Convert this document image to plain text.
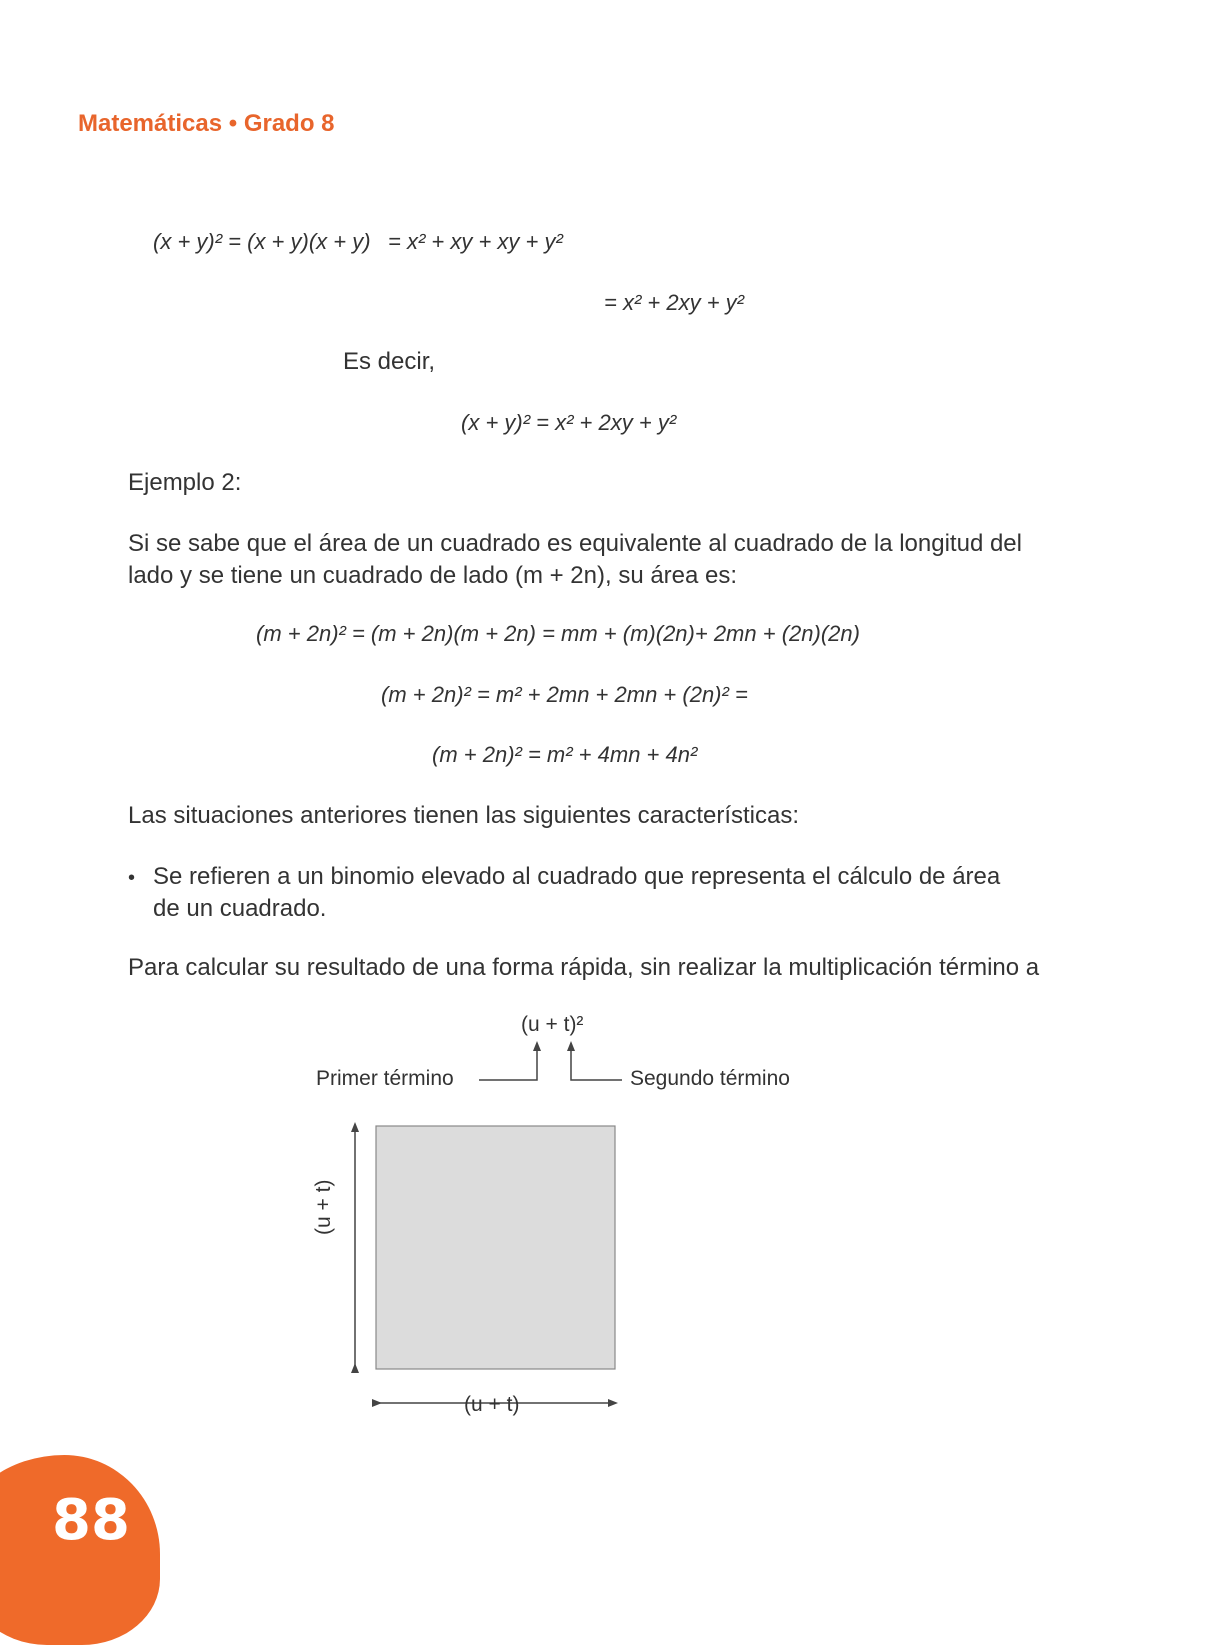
Matemáticas • Grado 8
(x + y)² = (x + y)(x + y) = x² + xy + xy + y²
= x² + 2xy + y²
Es decir,
(x + y)² = x² + 2xy + y²
Ejemplo 2:
Si se sabe que el área de un cuadrado es equivalente al cuadrado de la longitud del lado y se tiene un cuadrado de lado (m + 2n), su área es:
(m + 2n)² = (m + 2n)(m + 2n) = mm + (m)(2n)+ 2mn + (2n)(2n)
(m + 2n)² = m² + 2mn + 2mn + (2n)² =
(m + 2n)² = m² + 4mn + 4n²
Las situaciones anteriores tienen las siguientes características:
• Se refieren a un binomio elevado al cuadrado que representa el cálculo de área de un cuadrado.
Para calcular su resultado de una forma rápida, sin realizar la multiplicación término a
(u + t)²
Primer término	Segundo término
(u + t)
(u + t)
88
